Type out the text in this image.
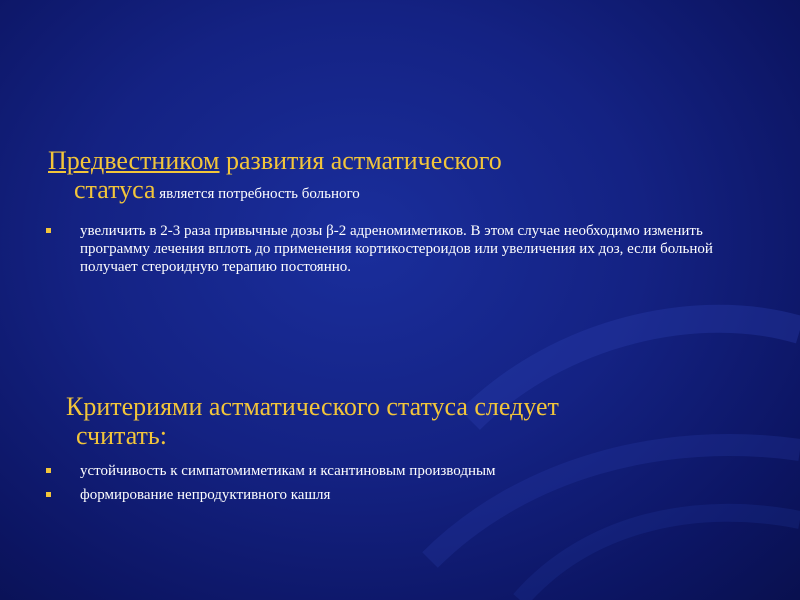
Предвестником развития астматического
статуса является потребность больного
увеличить в 2-3 раза привычные дозы β-2 адреномиметиков. В этом случае необходимо изменить программу лечения вплоть до применения кортикостероидов или увеличения их доз, если больной получает стероидную терапию постоянно.
Критериями астматического статуса следует
считать:
устойчивость к симпатомиметикам и ксантиновым производным
формирование непродуктивного кашля
